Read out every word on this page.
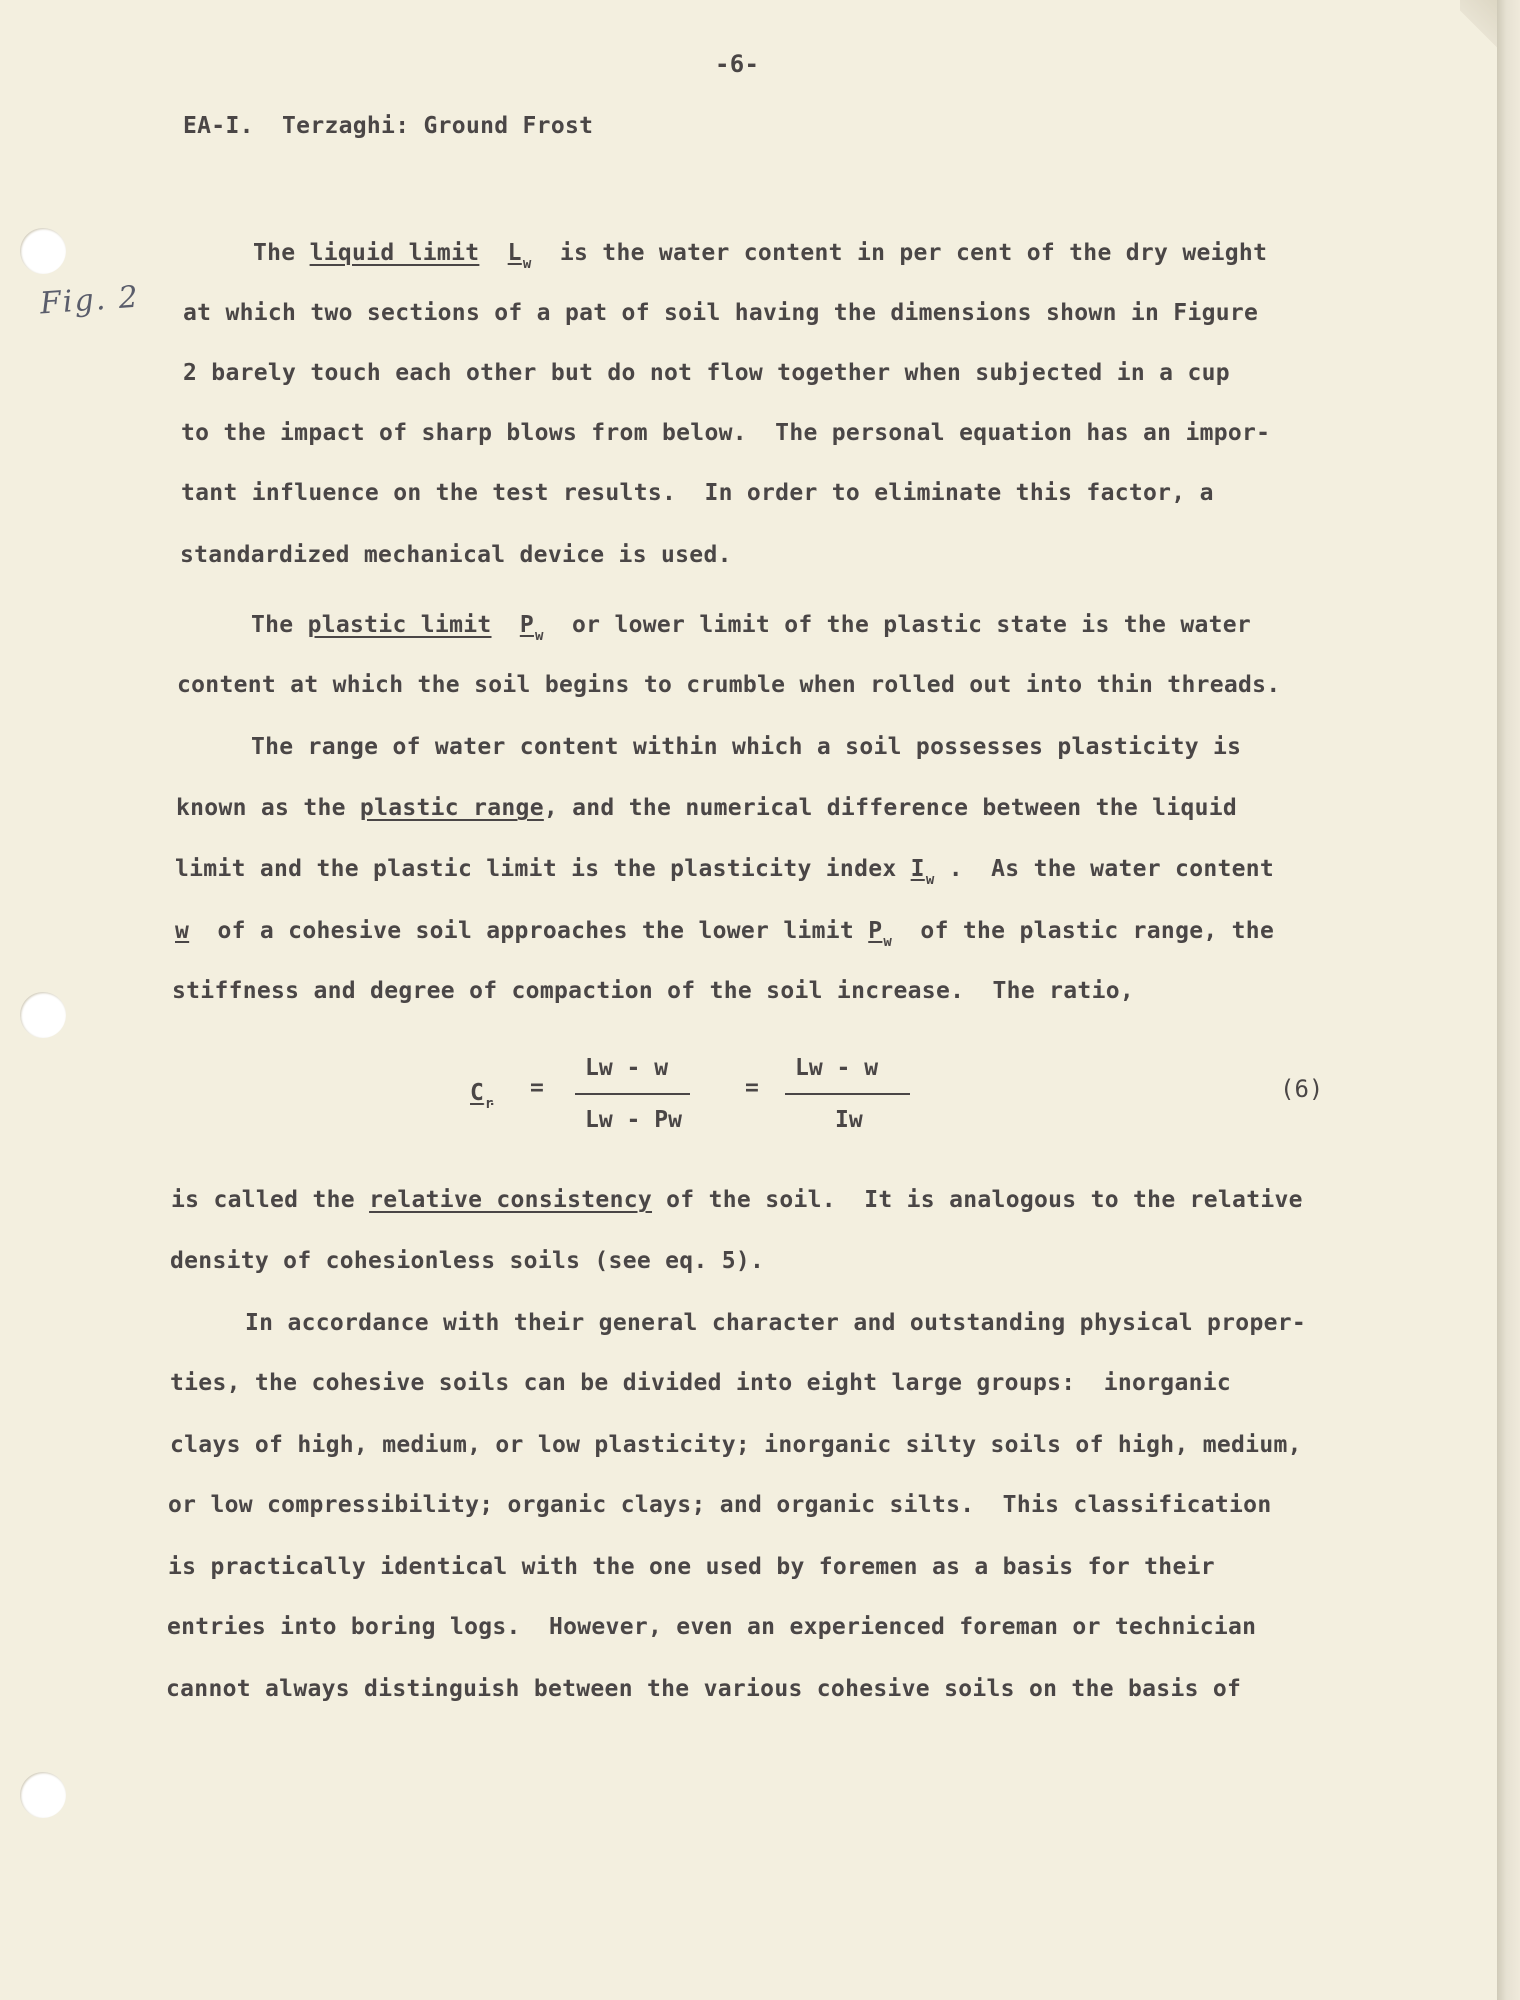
-6-
EA-I.  Terzaghi: Ground Frost
Fig. 2
The liquid limit $L_w$  is the water content in per cent of the dry weight
at which two sections of a pat of soil having the dimensions shown in Figure
2 barely touch each other but do not flow together when subjected in a cup
to the impact of sharp blows from below.  The personal equation has an impor-
tant influence on the test results.  In order to eliminate this factor, a
standardized mechanical device is used.
The plastic limit $P_w$  or lower limit of the plastic state is the water
content at which the soil begins to crumble when rolled out into thin threads.
The range of water content within which a soil possesses plasticity is
known as the plastic range, and the numerical difference between the liquid
limit and the plastic limit is the plasticity index $I_w$ .  As the water content
w  of a cohesive soil approaches the lower limit $P_w$  of the plastic range, the
stiffness and degree of compaction of the soil increase.  The ratio,
$C_r$
=
Lw - w
Lw - Pw
=
Lw - w
Iw
(6)
is called the relative consistency of the soil.  It is analogous to the relative
density of cohesionless soils (see eq. 5).
In accordance with their general character and outstanding physical proper-
ties, the cohesive soils can be divided into eight large groups:  inorganic
clays of high, medium, or low plasticity; inorganic silty soils of high, medium,
or low compressibility; organic clays; and organic silts.  This classification
is practically identical with the one used by foremen as a basis for their
entries into boring logs.  However, even an experienced foreman or technician
cannot always distinguish between the various cohesive soils on the basis of
